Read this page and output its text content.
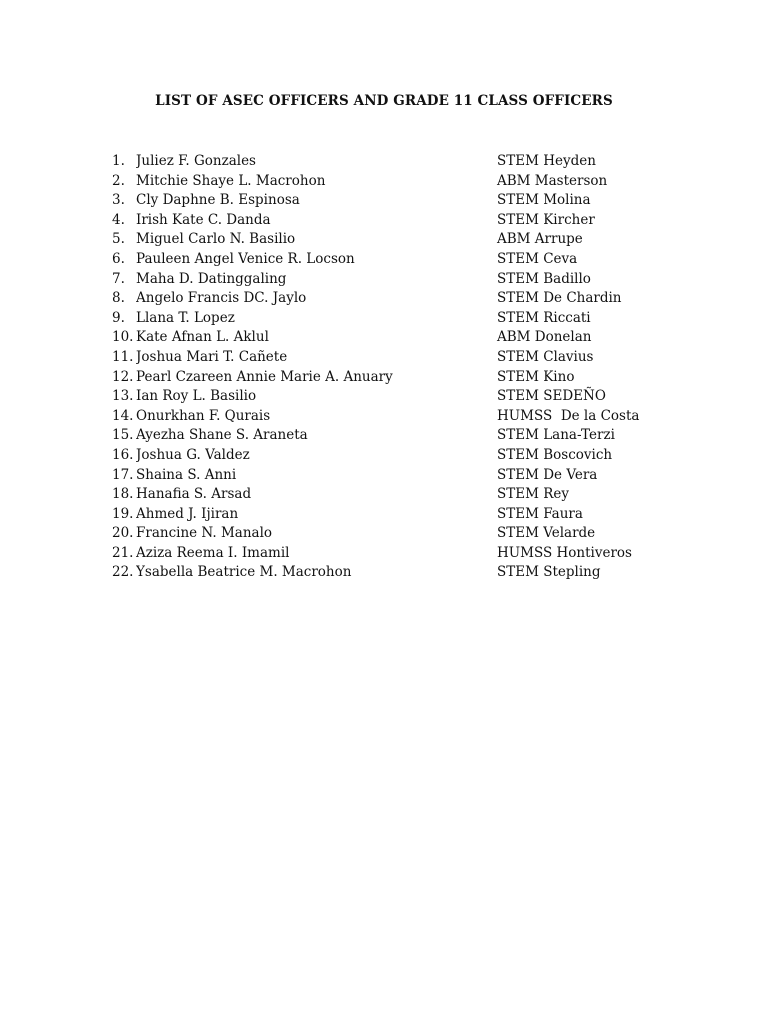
LIST OF ASEC OFFICERS AND GRADE 11 CLASS OFFICERS
1. Juliez F. Gonzales	STEM Heyden
2. Mitchie Shaye L. Macrohon	ABM Masterson
3. Cly Daphne B. Espinosa	STEM Molina
4. Irish Kate C. Danda	STEM Kircher
5. Miguel Carlo N. Basilio	ABM Arrupe
6. Pauleen Angel Venice R. Locson	STEM Ceva
7. Maha D. Datinggaling	STEM Badillo
8. Angelo Francis DC. Jaylo	STEM De Chardin
9. Llana T. Lopez	STEM Riccati
10. Kate Afnan L. Aklul	ABM Donelan
11. Joshua Mari T. Cañete	STEM Clavius
12. Pearl Czareen Annie Marie A. Anuary	STEM Kino
13. Ian Roy L. Basilio	STEM SEDEÑO
14. Onurkhan F. Qurais	HUMSS  De la Costa
15. Ayezha Shane S. Araneta	STEM Lana-Terzi
16. Joshua G. Valdez	STEM Boscovich
17. Shaina S. Anni	STEM De Vera
18. Hanafia S. Arsad	STEM Rey
19. Ahmed J. Ijiran	STEM Faura
20. Francine N. Manalo	STEM Velarde
21. Aziza Reema I. Imamil	HUMSS Hontiveros
22. Ysabella Beatrice M. Macrohon	STEM Stepling
